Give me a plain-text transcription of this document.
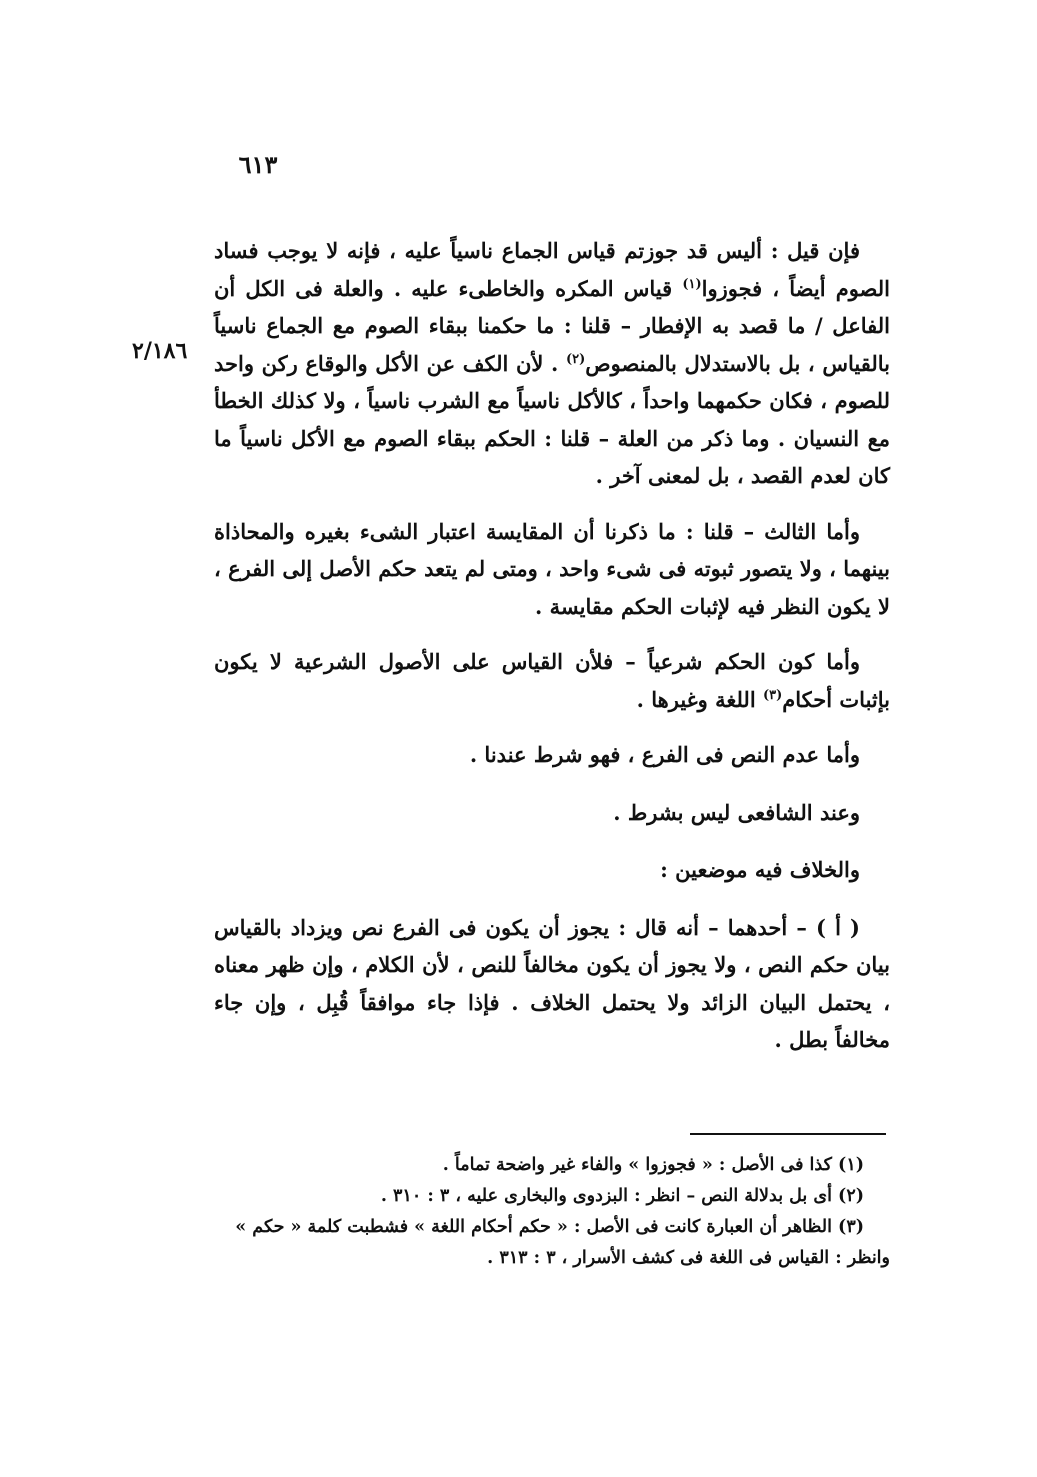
٦١٣
٢/١٨٦

فإن قيل : أليس قد جوزتم قياس الجماع ناسياً عليه ، فإنه لا يوجب فساد الصوم أيضاً ، فجوزوا$^{(١)}$ قياس المكره والخاطىء عليه . والعلة فى الكل أن الفاعل / ما قصد به الإفطار – قلنا : ما حكمنا ببقاء الصوم مع الجماع ناسياً بالقياس ، بل بالاستدلال بالمنصوص$^{(٢)}$ . لأن الكف عن الأكل والوقاع ركن واحد للصوم ، فكان حكمهما واحداً ، كالأكل ناسياً مع الشرب ناسياً ، ولا كذلك الخطأ مع النسيان . وما ذكر من العلة – قلنا : الحكم ببقاء الصوم مع الأكل ناسياً ما كان لعدم القصد ، بل لمعنى آخر .

وأما الثالث – قلنا : ما ذكرنا أن المقايسة اعتبار الشىء بغيره والمحاذاة بينهما ، ولا يتصور ثبوته فى شىء واحد ، ومتى لم يتعد حكم الأصل إلى الفرع ، لا يكون النظر فيه لإثبات الحكم مقايسة .

وأما كون الحكم شرعياً – فلأن القياس على الأصول الشرعية لا يكون بإثبات أحكام$^{(٣)}$ اللغة وغيرها .

وأما عدم النص فى الفرع ، فهو شرط عندنا .

وعند الشافعى ليس بشرط .

والخلاف فيه موضعين :

( أ ) – أحدهما – أنه قال : يجوز أن يكون فى الفرع نص ويزداد بالقياس بيان حكم النص ، ولا يجوز أن يكون مخالفاً للنص ، لأن الكلام ، وإن ظهر معناه ، يحتمل البيان الزائد ولا يحتمل الخلاف . فإذا جاء موافقاً قُبِل ، وإن جاء مخالفاً بطل .

(١) كذا فى الأصل : « فجوزوا » والفاء غير واضحة تماماً .

(٢) أى بل بدلالة النص – انظر : البزدوى والبخارى عليه ، ٣ : ٣١٠ .

(٣) الظاهر أن العبارة كانت فى الأصل : « حكم أحكام اللغة » فشطبت كلمة « حكم »

وانظر : القياس فى اللغة فى كشف الأسرار ، ٣ : ٣١٣ .
